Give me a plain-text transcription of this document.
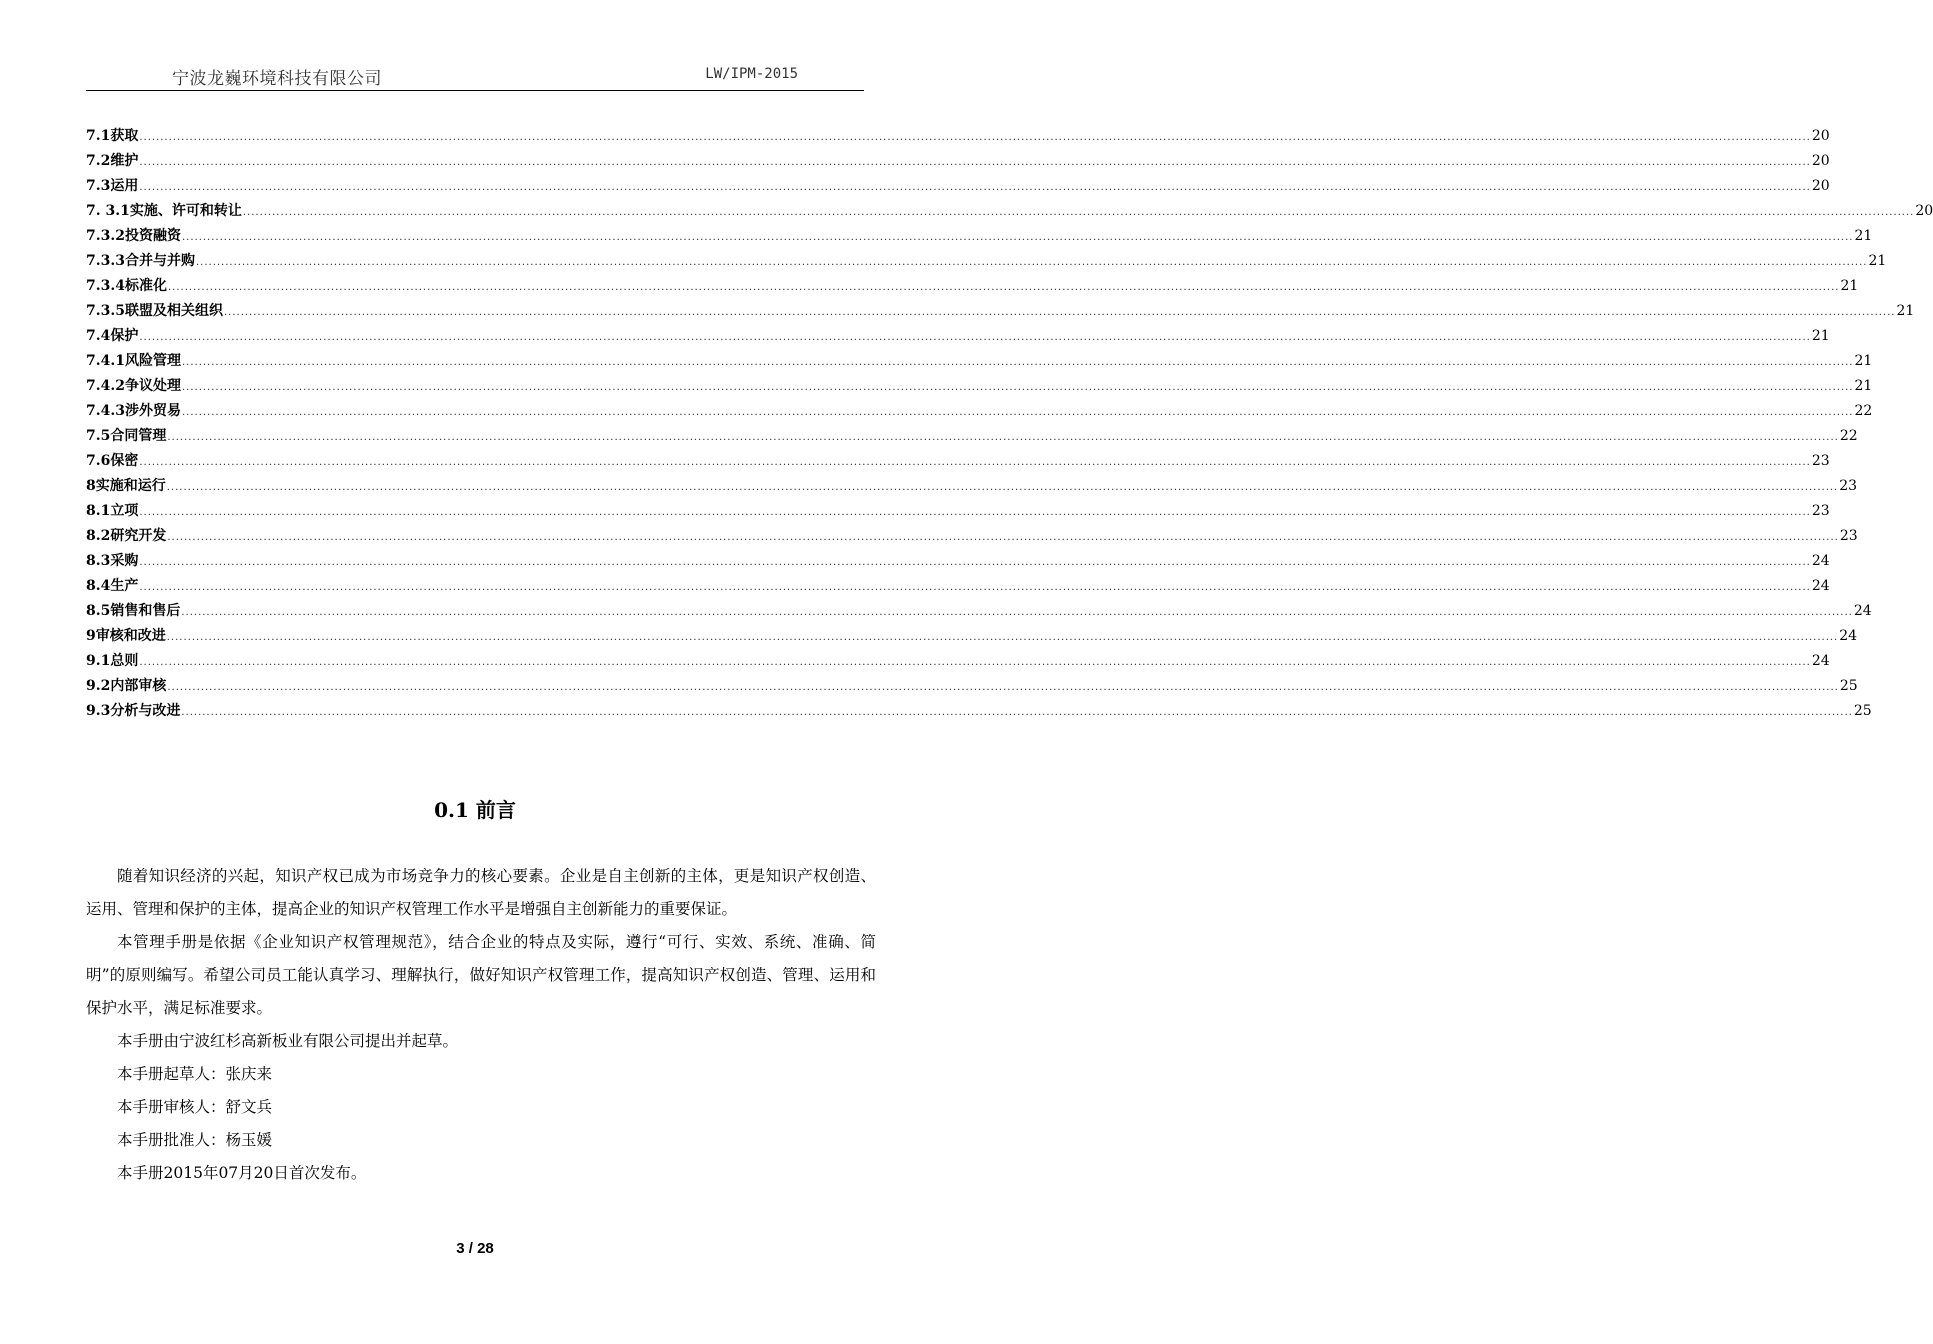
宁波龙巍环境科技有限公司	LW/IPM-2015
7.1获取 ................................................................................................................................................................................................................................................................................................................................................................................................................ 20
7.2维护 ................................................................................................................................................................................................................................................................................................................................................................................................................ 20
7.3运用 ................................................................................................................................................................................................................................................................................................................................................................................................................ 20
7. 3.1实施、许可和转让 ................................................................................................................................................................................................................................................................................................................................................................................................................ 20
7.3.2投资融资 ................................................................................................................................................................................................................................................................................................................................................................................................................ 21
7.3.3合并与并购 ................................................................................................................................................................................................................................................................................................................................................................................................................ 21
7.3.4标准化 ................................................................................................................................................................................................................................................................................................................................................................................................................ 21
7.3.5联盟及相关组织 ................................................................................................................................................................................................................................................................................................................................................................................................................ 21
7.4保护 ................................................................................................................................................................................................................................................................................................................................................................................................................ 21
7.4.1风险管理 ................................................................................................................................................................................................................................................................................................................................................................................................................ 21
7.4.2争议处理 ................................................................................................................................................................................................................................................................................................................................................................................................................ 21
7.4.3涉外贸易 ................................................................................................................................................................................................................................................................................................................................................................................................................ 22
7.5合同管理 ................................................................................................................................................................................................................................................................................................................................................................................................................ 22
7.6保密 ................................................................................................................................................................................................................................................................................................................................................................................................................ 23
8实施和运行 ................................................................................................................................................................................................................................................................................................................................................................................................................ 23
8.1立项 ................................................................................................................................................................................................................................................................................................................................................................................................................ 23
8.2研究开发 ................................................................................................................................................................................................................................................................................................................................................................................................................ 23
8.3采购 ................................................................................................................................................................................................................................................................................................................................................................................................................ 24
8.4生产 ................................................................................................................................................................................................................................................................................................................................................................................................................ 24
8.5销售和售后 ................................................................................................................................................................................................................................................................................................................................................................................................................ 24
9审核和改进 ................................................................................................................................................................................................................................................................................................................................................................................................................ 24
9.1总则 ................................................................................................................................................................................................................................................................................................................................................................................................................ 24
9.2内部审核 ................................................................................................................................................................................................................................................................................................................................................................................................................ 25
9.3分析与改进 ................................................................................................................................................................................................................................................................................................................................................................................................................ 25
0.1 前言

随着知识经济的兴起，知识产权已成为市场竞争力的核心要素。企业是自主创新的主体，更是知识产权创造、运用、管理和保护的主体，提高企业的知识产权管理工作水平是增强自主创新能力的重要保证。

本管理手册是依据《企业知识产权管理规范》，结合企业的特点及实际，遵行“可行、实效、系统、准确、简明”的原则编写。希望公司员工能认真学习、理解执行，做好知识产权管理工作，提高知识产权创造、管理、运用和保护水平，满足标准要求。

本手册由宁波红杉高新板业有限公司提出并起草。

本手册起草人：张庆来

本手册审核人：舒文兵

本手册批准人：杨玉媛

本手册2015年07月20日首次发布。

3 / 28
